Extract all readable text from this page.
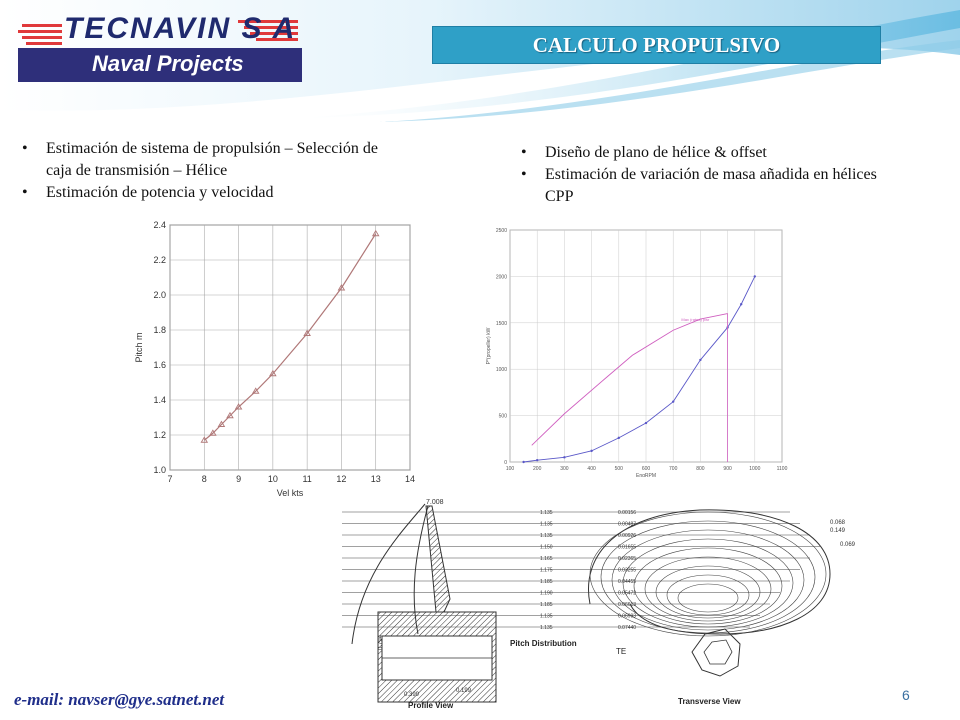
TECNAVIN S A
Naval Projects
CALCULO PROPULSIVO
• Estimación de sistema de propulsión – Selección de caja de transmisión – Hélice
• Estimación de potencia y velocidad
• Diseño de plano de hélice & offset
• Estimación de variación de masa añadida en hélices CPP
7	8	9	10	11	12	13	14
1.0
1.2
1.4
1.6
1.8
2.0
2.2
2.4
Vel kts
Pitch m
100	200	300	400	500	600	700	800	900	1000	1100
0
500
1000
1500
2000
2500
EngRPM
P*(propeller) kW
Max (rated) pwr
1.135	0.00156
1.135	0.00487
1.135	0.00926
1.150	0.01655
1.165	0.02365
1.175	0.03255
1.185	0.04455
1.190	0.05472
1.185	0.06613
1.135	0.06993
1.135	0.07440
7.008
0.794
0.399
0.199
0.068
0.149
0.069
Pitch Distribution
TE
Profile View	Transverse View
e-mail: navser@gye.satnet.net	6
